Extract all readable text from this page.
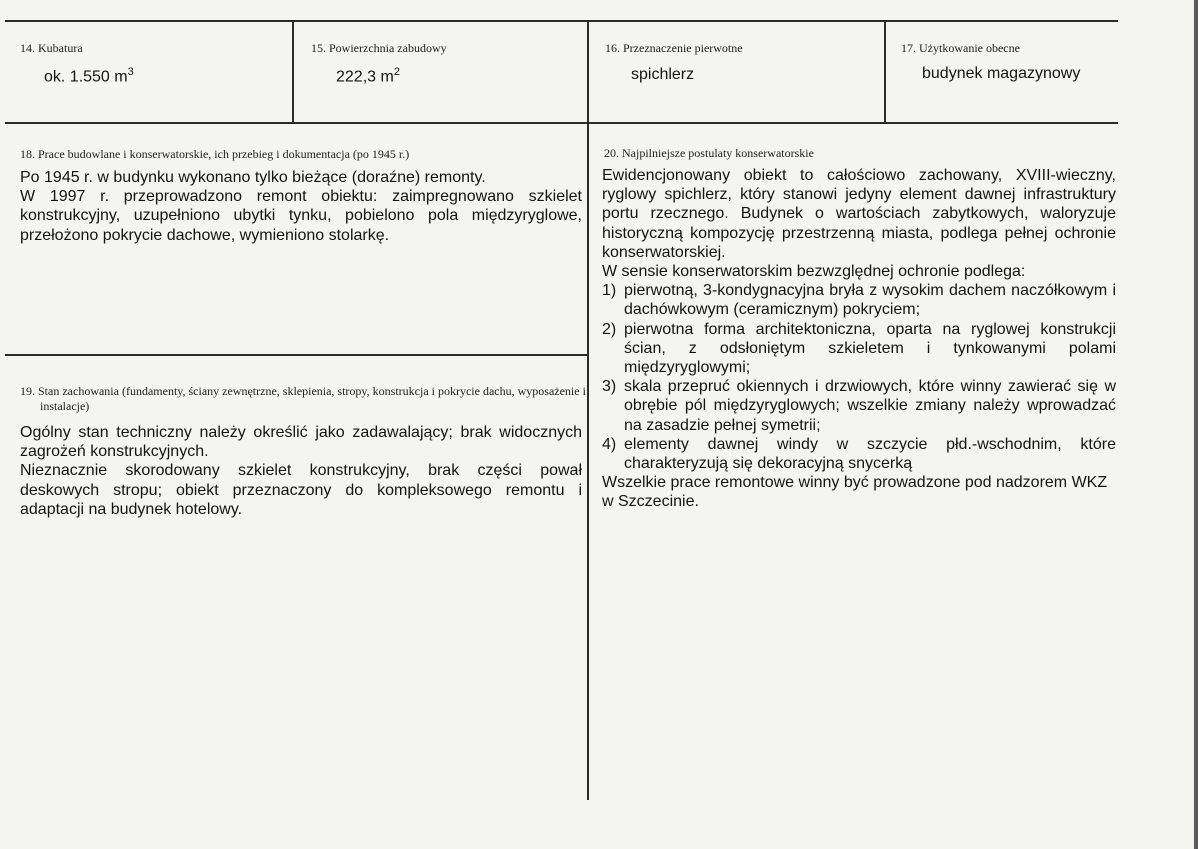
14. Kubatura
ok. 1.550 $m^3$
15. Powierzchnia zabudowy
222,3 $m^2$
16. Przeznaczenie pierwotne
spichlerz
17. Użytkowanie obecne
budynek magazynowy
18. Prace budowlane i konserwatorskie, ich przebieg i dokumentacja (po 1945 r.)

Po 1945 r. w budynku wykonano tylko bieżące (doraźne) remonty.

W 1997 r. przeprowadzono remont obiektu: zaimpregnowano szkielet konstrukcyjny, uzupełniono ubytki tynku, pobielono pola międzyryglowe, przełożono pokrycie dachowe, wymieniono stolarkę.

19. Stan zachowania (fundamenty, ściany zewnętrzne, sklepienia, stropy, konstrukcja i pokrycie dachu, wyposażenie i instalacje)

Ogólny stan techniczny należy określić jako zadawalający; brak widocznych zagrożeń konstrukcyjnych.

Nieznacznie skorodowany szkielet konstrukcyjny, brak części pował deskowych stropu; obiekt przeznaczony do kompleksowego remontu i adaptacji na budynek hotelowy.

20. Najpilniejsze postulaty konserwatorskie

Ewidencjonowany obiekt to całościowo zachowany, XVIII-wieczny, ryglowy spichlerz, który stanowi jedyny element dawnej infrastruktury portu rzecznego. Budynek o wartościach zabytkowych, waloryzuje historyczną kompozycję przestrzenną miasta, podlega pełnej ochronie konserwatorskiej.

W sensie konserwatorskim bezwzględnej ochronie podlega:

1) pierwotną, 3-kondygnacyjna bryła z wysokim dachem naczółkowym i dachówkowym (ceramicznym) pokryciem;
2) pierwotna forma architektoniczna, oparta na ryglowej konstrukcji ścian, z odsłoniętym szkieletem i tynkowanymi polami międzyryglowymi;
3) skala przepruć okiennych i drzwiowych, które winny zawierać się w obrębie pól międzyryglowych; wszelkie zmiany należy wprowadzać na zasadzie pełnej symetrii;
4) elementy dawnej windy w szczycie płd.-wschodnim, które charakteryzują się dekoracyjną snycerką

Wszelkie prace remontowe winny być prowadzone pod nadzorem WKZ w Szczecinie.
